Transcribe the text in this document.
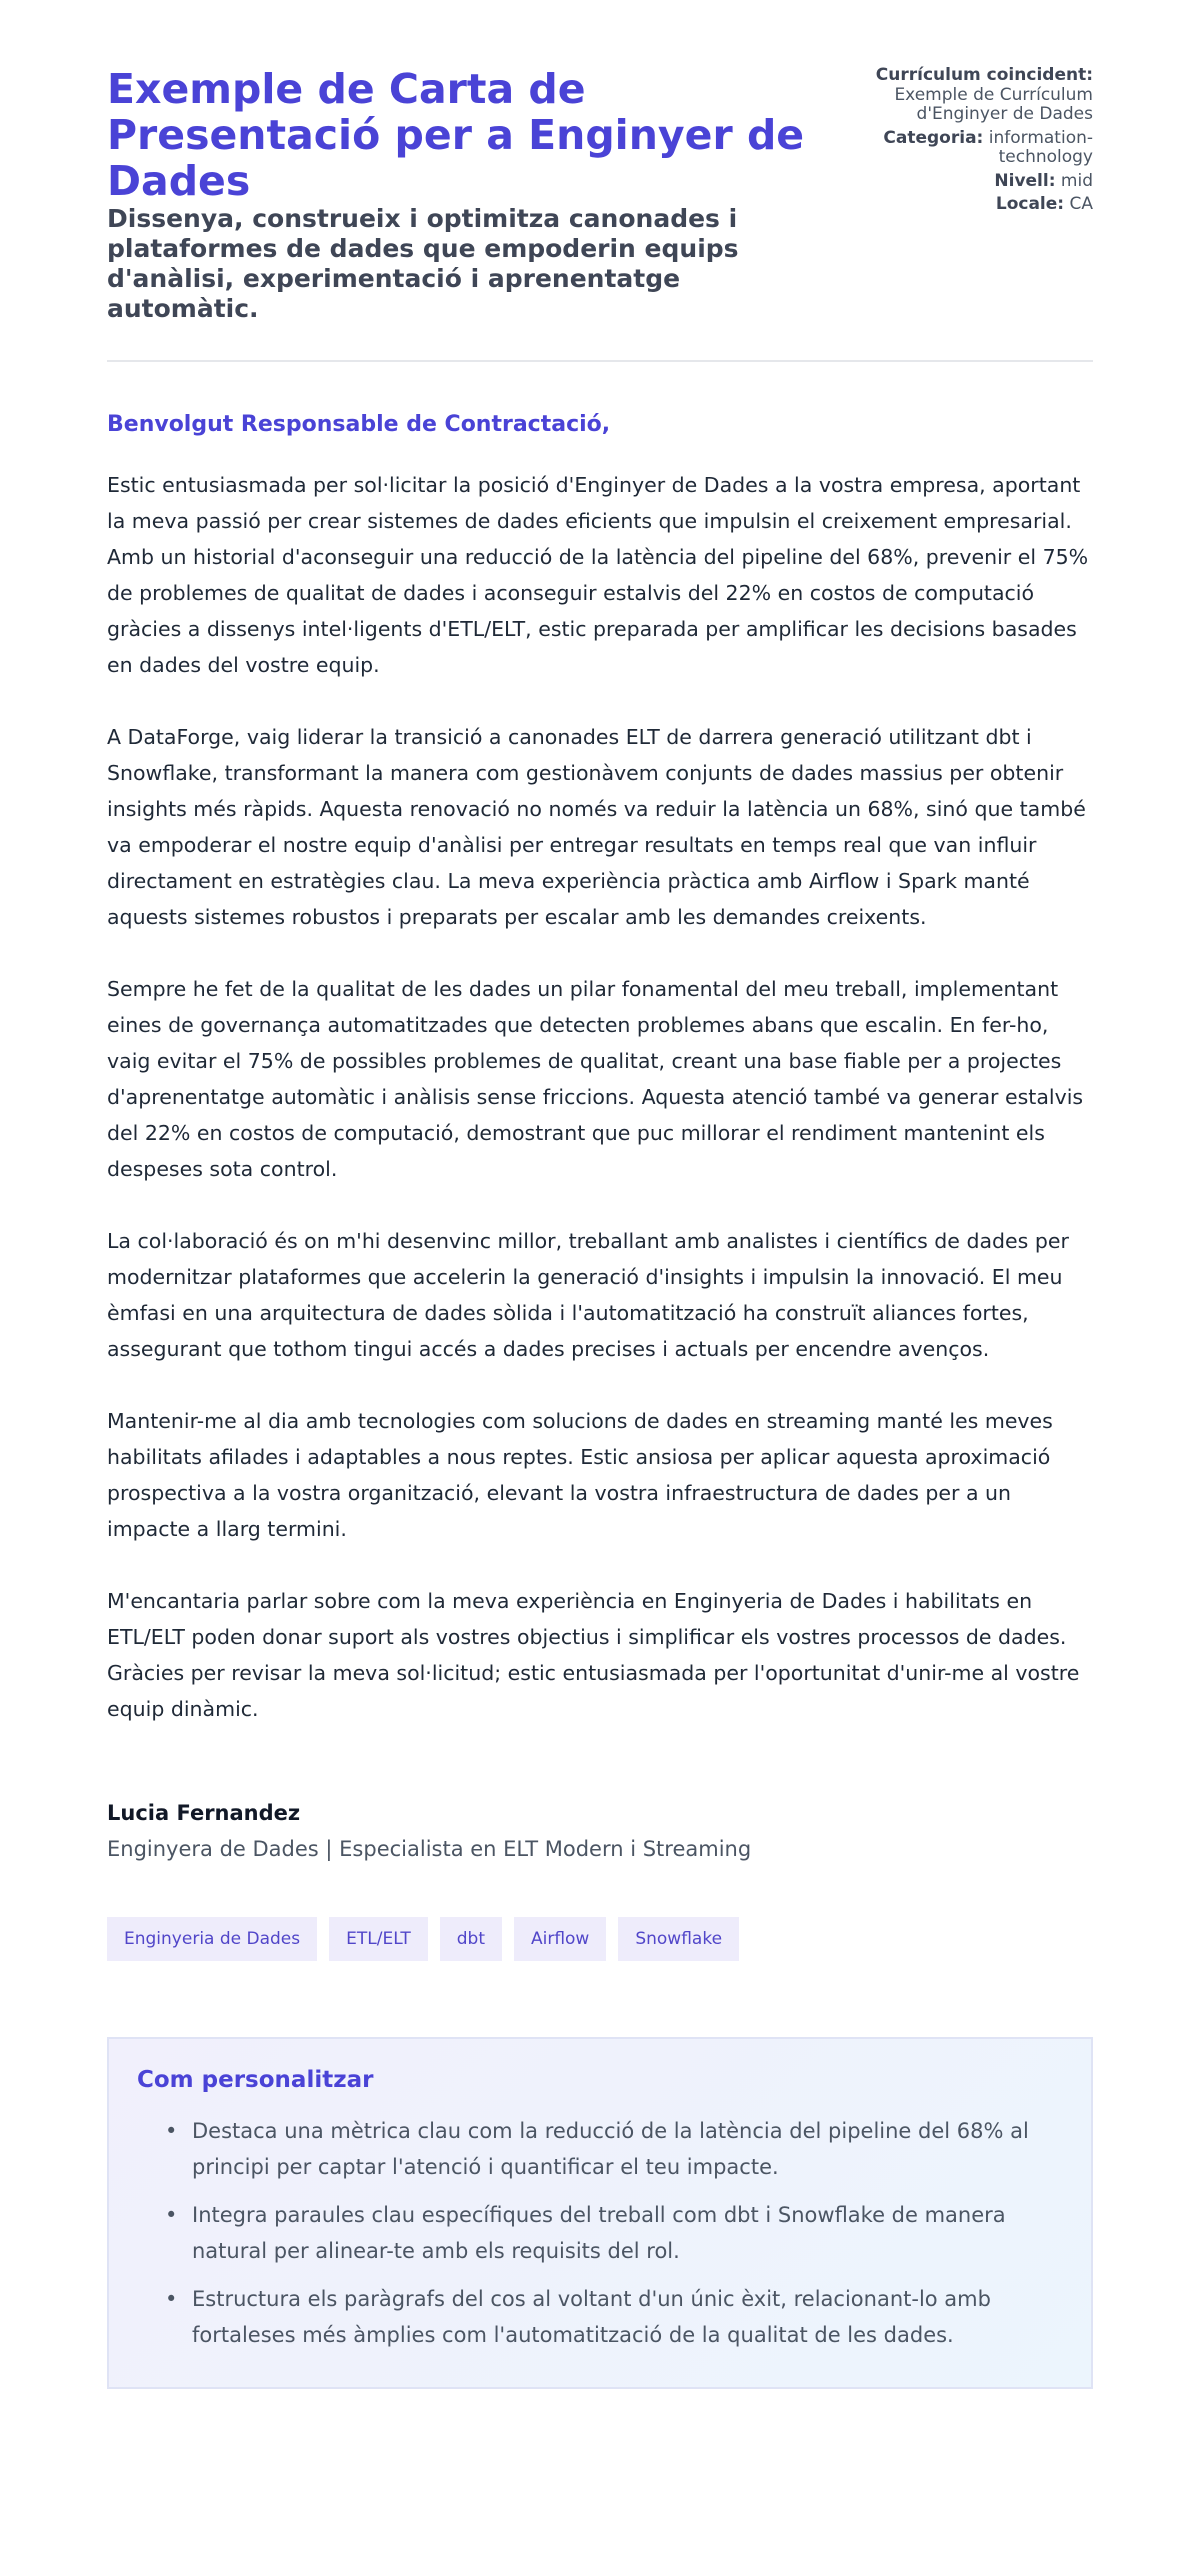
Exemple de Carta de Presentació per a Enginyer de Dades
Dissenya, construeix i optimitza canonades i plataformes de dades que empoderin equips d'anàlisi, experimentació i aprenentatge automàtic.
Currículum coincident: Exemple de Currículum d'Enginyer de Dades
Categoria: information-technology
Nivell: mid
Locale: CA
Benvolgut Responsable de Contractació,

Estic entusiasmada per sol·licitar la posició d'Enginyer de Dades a la vostra empresa, aportant la meva passió per crear sistemes de dades eficients que impulsin el creixement empresarial. Amb un historial d'aconseguir una reducció de la latència del pipeline del 68%, prevenir el 75% de problemes de qualitat de dades i aconseguir estalvis del 22% en costos de computació gràcies a dissenys intel·ligents d'ETL/ELT, estic preparada per amplificar les decisions basades en dades del vostre equip.

A DataForge, vaig liderar la transició a canonades ELT de darrera generació utilitzant dbt i Snowflake, transformant la manera com gestionàvem conjunts de dades massius per obtenir insights més ràpids. Aquesta renovació no només va reduir la latència un 68%, sinó que també va empoderar el nostre equip d'anàlisi per entregar resultats en temps real que van influir directament en estratègies clau. La meva experiència pràctica amb Airflow i Spark manté aquests sistemes robustos i preparats per escalar amb les demandes creixents.

Sempre he fet de la qualitat de les dades un pilar fonamental del meu treball, implementant eines de governança automatitzades que detecten problemes abans que escalin. En fer-ho, vaig evitar el 75% de possibles problemes de qualitat, creant una base fiable per a projectes d'aprenentatge automàtic i anàlisis sense friccions. Aquesta atenció també va generar estalvis del 22% en costos de computació, demostrant que puc millorar el rendiment mantenint els despeses sota control.

La col·laboració és on m'hi desenvinc millor, treballant amb analistes i científics de dades per modernitzar plataformes que accelerin la generació d'insights i impulsin la innovació. El meu èmfasi en una arquitectura de dades sòlida i l'automatització ha construït aliances fortes, assegurant que tothom tingui accés a dades precises i actuals per encendre avenços.

Mantenir-me al dia amb tecnologies com solucions de dades en streaming manté les meves habilitats afilades i adaptables a nous reptes. Estic ansiosa per aplicar aquesta aproximació prospectiva a la vostra organització, elevant la vostra infraestructura de dades per a un impacte a llarg termini.

M'encantaria parlar sobre com la meva experiència en Enginyeria de Dades i habilitats en ETL/ELT poden donar suport als vostres objectius i simplificar els vostres processos de dades. Gràcies per revisar la meva sol·licitud; estic entusiasmada per l'oportunitat d'unir-me al vostre equip dinàmic.

Lucia Fernandez
Enginyera de Dades | Especialista en ELT Modern i Streaming
Enginyeria de Dades	ETL/ELT	dbt	Airflow	Snowflake
Com personalitzar
• Destaca una mètrica clau com la reducció de la latència del pipeline del 68% al principi per captar l'atenció i quantificar el teu impacte.
• Integra paraules clau específiques del treball com dbt i Snowflake de manera natural per alinear-te amb els requisits del rol.
• Estructura els paràgrafs del cos al voltant d'un únic èxit, relacionant-lo amb fortaleses més àmplies com l'automatització de la qualitat de les dades.
